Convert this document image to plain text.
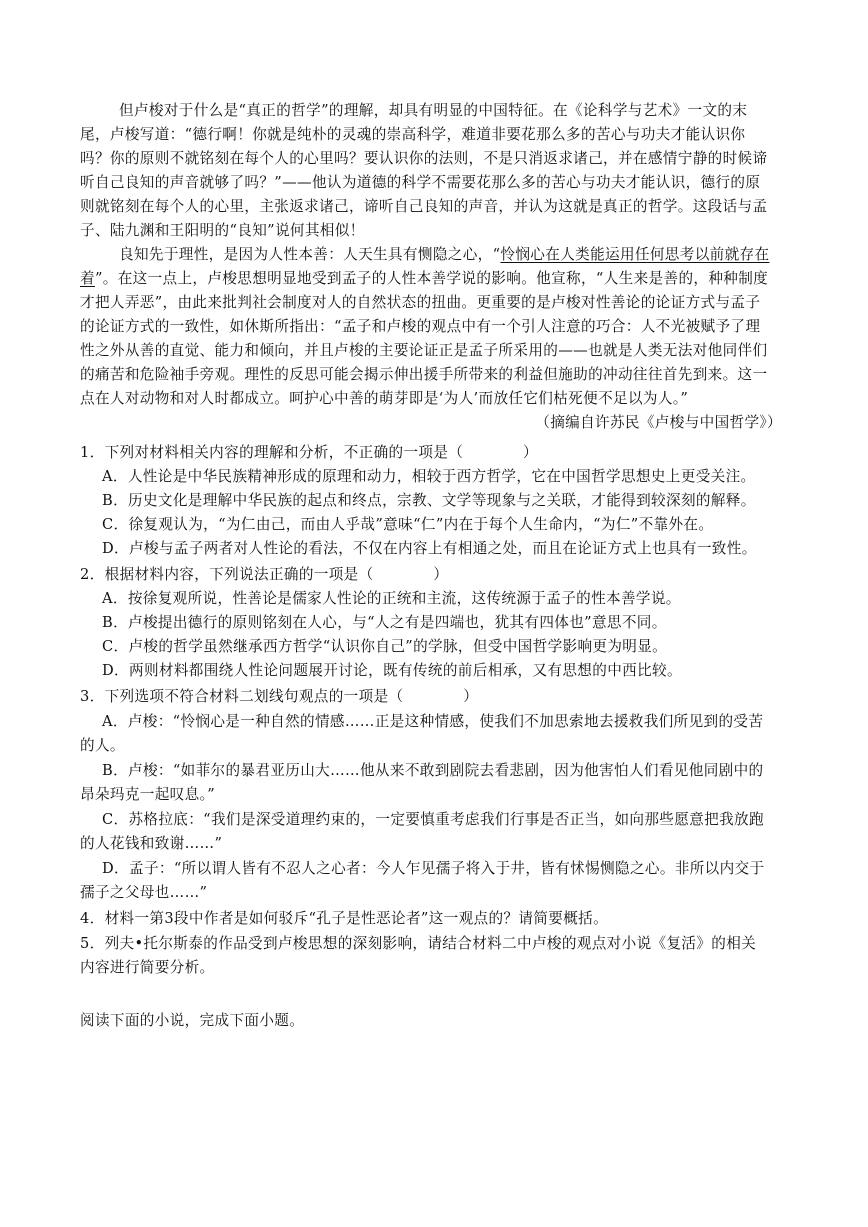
但卢梭对于什么是“真正的哲学”的理解，却具有明显的中国特征。在《论科学与艺术》一文的末
尾，卢梭写道：“德行啊！你就是纯朴的灵魂的崇高科学，难道非要花那么多的苦心与功夫才能认识你
吗？你的原则不就铭刻在每个人的心里吗？要认识你的法则，不是只消返求诸己，并在感情宁静的时候谛
听自己良知的声音就够了吗？”——他认为道德的科学不需要花那么多的苦心与功夫才能认识，德行的原
则就铭刻在每个人的心里，主张返求诸己，谛听自己良知的声音，并认为这就是真正的哲学。这段话与孟
子、陆九渊和王阳明的“良知”说何其相似！
良知先于理性，是因为人性本善：人天生具有恻隐之心，“怜悯心在人类能运用任何思考以前就存在
着”。在这一点上，卢梭思想明显地受到孟子的人性本善学说的影响。他宣称，“人生来是善的，种种制度
才把人弄恶”，由此来批判社会制度对人的自然状态的扭曲。更重要的是卢梭对性善论的论证方式与孟子
的论证方式的一致性，如休斯所指出：“孟子和卢梭的观点中有一个引人注意的巧合：人不光被赋予了理
性之外从善的直觉、能力和倾向，并且卢梭的主要论证正是孟子所采用的——也就是人类无法对他同伴们
的痛苦和危险袖手旁观。理性的反思可能会揭示伸出援手所带来的利益但施助的冲动往往首先到来。这一
点在人对动物和对人时都成立。呵护心中善的萌芽即是‘为人’而放任它们枯死便不足以为人。”
（摘编自许苏民《卢梭与中国哲学》）
1．下列对材料相关内容的理解和分析，不正确的一项是（　　　　）
A．人性论是中华民族精神形成的原理和动力，相较于西方哲学，它在中国哲学思想史上更受关注。
B．历史文化是理解中华民族的起点和终点，宗教、文学等现象与之关联，才能得到较深刻的解释。
C．徐复观认为，“为仁由己，而由人乎哉”意味“仁”内在于每个人生命内，“为仁”不靠外在。
D．卢梭与孟子两者对人性论的看法，不仅在内容上有相通之处，而且在论证方式上也具有一致性。
2．根据材料内容，下列说法正确的一项是（　　　　）
A．按徐复观所说，性善论是儒家人性论的正统和主流，这传统源于孟子的性本善学说。
B．卢梭提出德行的原则铭刻在人心，与“人之有是四端也，犹其有四体也”意思不同。
C．卢梭的哲学虽然继承西方哲学“认识你自己”的学脉，但受中国哲学影响更为明显。
D．两则材料都围绕人性论问题展开讨论，既有传统的前后相承，又有思想的中西比较。
3．下列选项不符合材料二划线句观点的一项是（　　　　）
A．卢梭：“怜悯心是一种自然的情感……正是这种情感，使我们不加思索地去援救我们所见到的受苦
的人。
B．卢梭：“如菲尔的暴君亚历山大……他从来不敢到剧院去看悲剧，因为他害怕人们看见他同剧中的
昂朵玛克一起叹息。”
C．苏格拉底：“我们是深受道理约束的，一定要慎重考虑我们行事是否正当，如向那些愿意把我放跑
的人花钱和致谢……”
D．孟子：“所以谓人皆有不忍人之心者：今人乍见孺子将入于井，皆有怵惕恻隐之心。非所以内交于
孺子之父母也……”
4．材料一第3段中作者是如何驳斥“孔子是性恶论者”这一观点的？请简要概括。
5．列夫•托尔斯泰的作品受到卢梭思想的深刻影响，请结合材料二中卢梭的观点对小说《复活》的相关
内容进行简要分析。
阅读下面的小说，完成下面小题。
